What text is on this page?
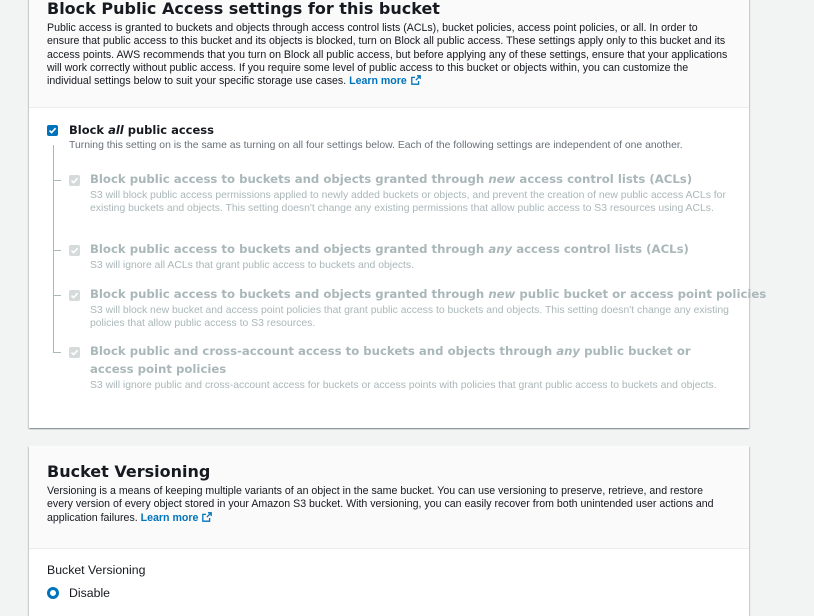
Block Public Access settings for this bucket
Public access is granted to buckets and objects through access control lists (ACLs), bucket policies, access point policies, or all. In order to ensure that public access to this bucket and its objects is blocked, turn on Block all public access. These settings apply only to this bucket and its access points. AWS recommends that you turn on Block all public access, but before applying any of these settings, ensure that your applications will work correctly without public access. If you require some level of public access to this bucket or objects within, you can customize the individual settings below to suit your specific storage use cases. Learn more
Block all public access
Turning this setting on is the same as turning on all four settings below. Each of the following settings are independent of one another.
Block public access to buckets and objects granted through new access control lists (ACLs)
S3 will block public access permissions applied to newly added buckets or objects, and prevent the creation of new public access ACLs for existing buckets and objects. This setting doesn't change any existing permissions that allow public access to S3 resources using ACLs.
Block public access to buckets and objects granted through any access control lists (ACLs)
S3 will ignore all ACLs that grant public access to buckets and objects.
Block public access to buckets and objects granted through new public bucket or access point policies
S3 will block new bucket and access point policies that grant public access to buckets and objects. This setting doesn't change any existing policies that allow public access to S3 resources.
Block public and cross-account access to buckets and objects through any public bucket or access point policies
S3 will ignore public and cross-account access for buckets or access points with policies that grant public access to buckets and objects.
Bucket Versioning
Versioning is a means of keeping multiple variants of an object in the same bucket. You can use versioning to preserve, retrieve, and restore every version of every object stored in your Amazon S3 bucket. With versioning, you can easily recover from both unintended user actions and application failures. Learn more
Bucket Versioning
Disable
